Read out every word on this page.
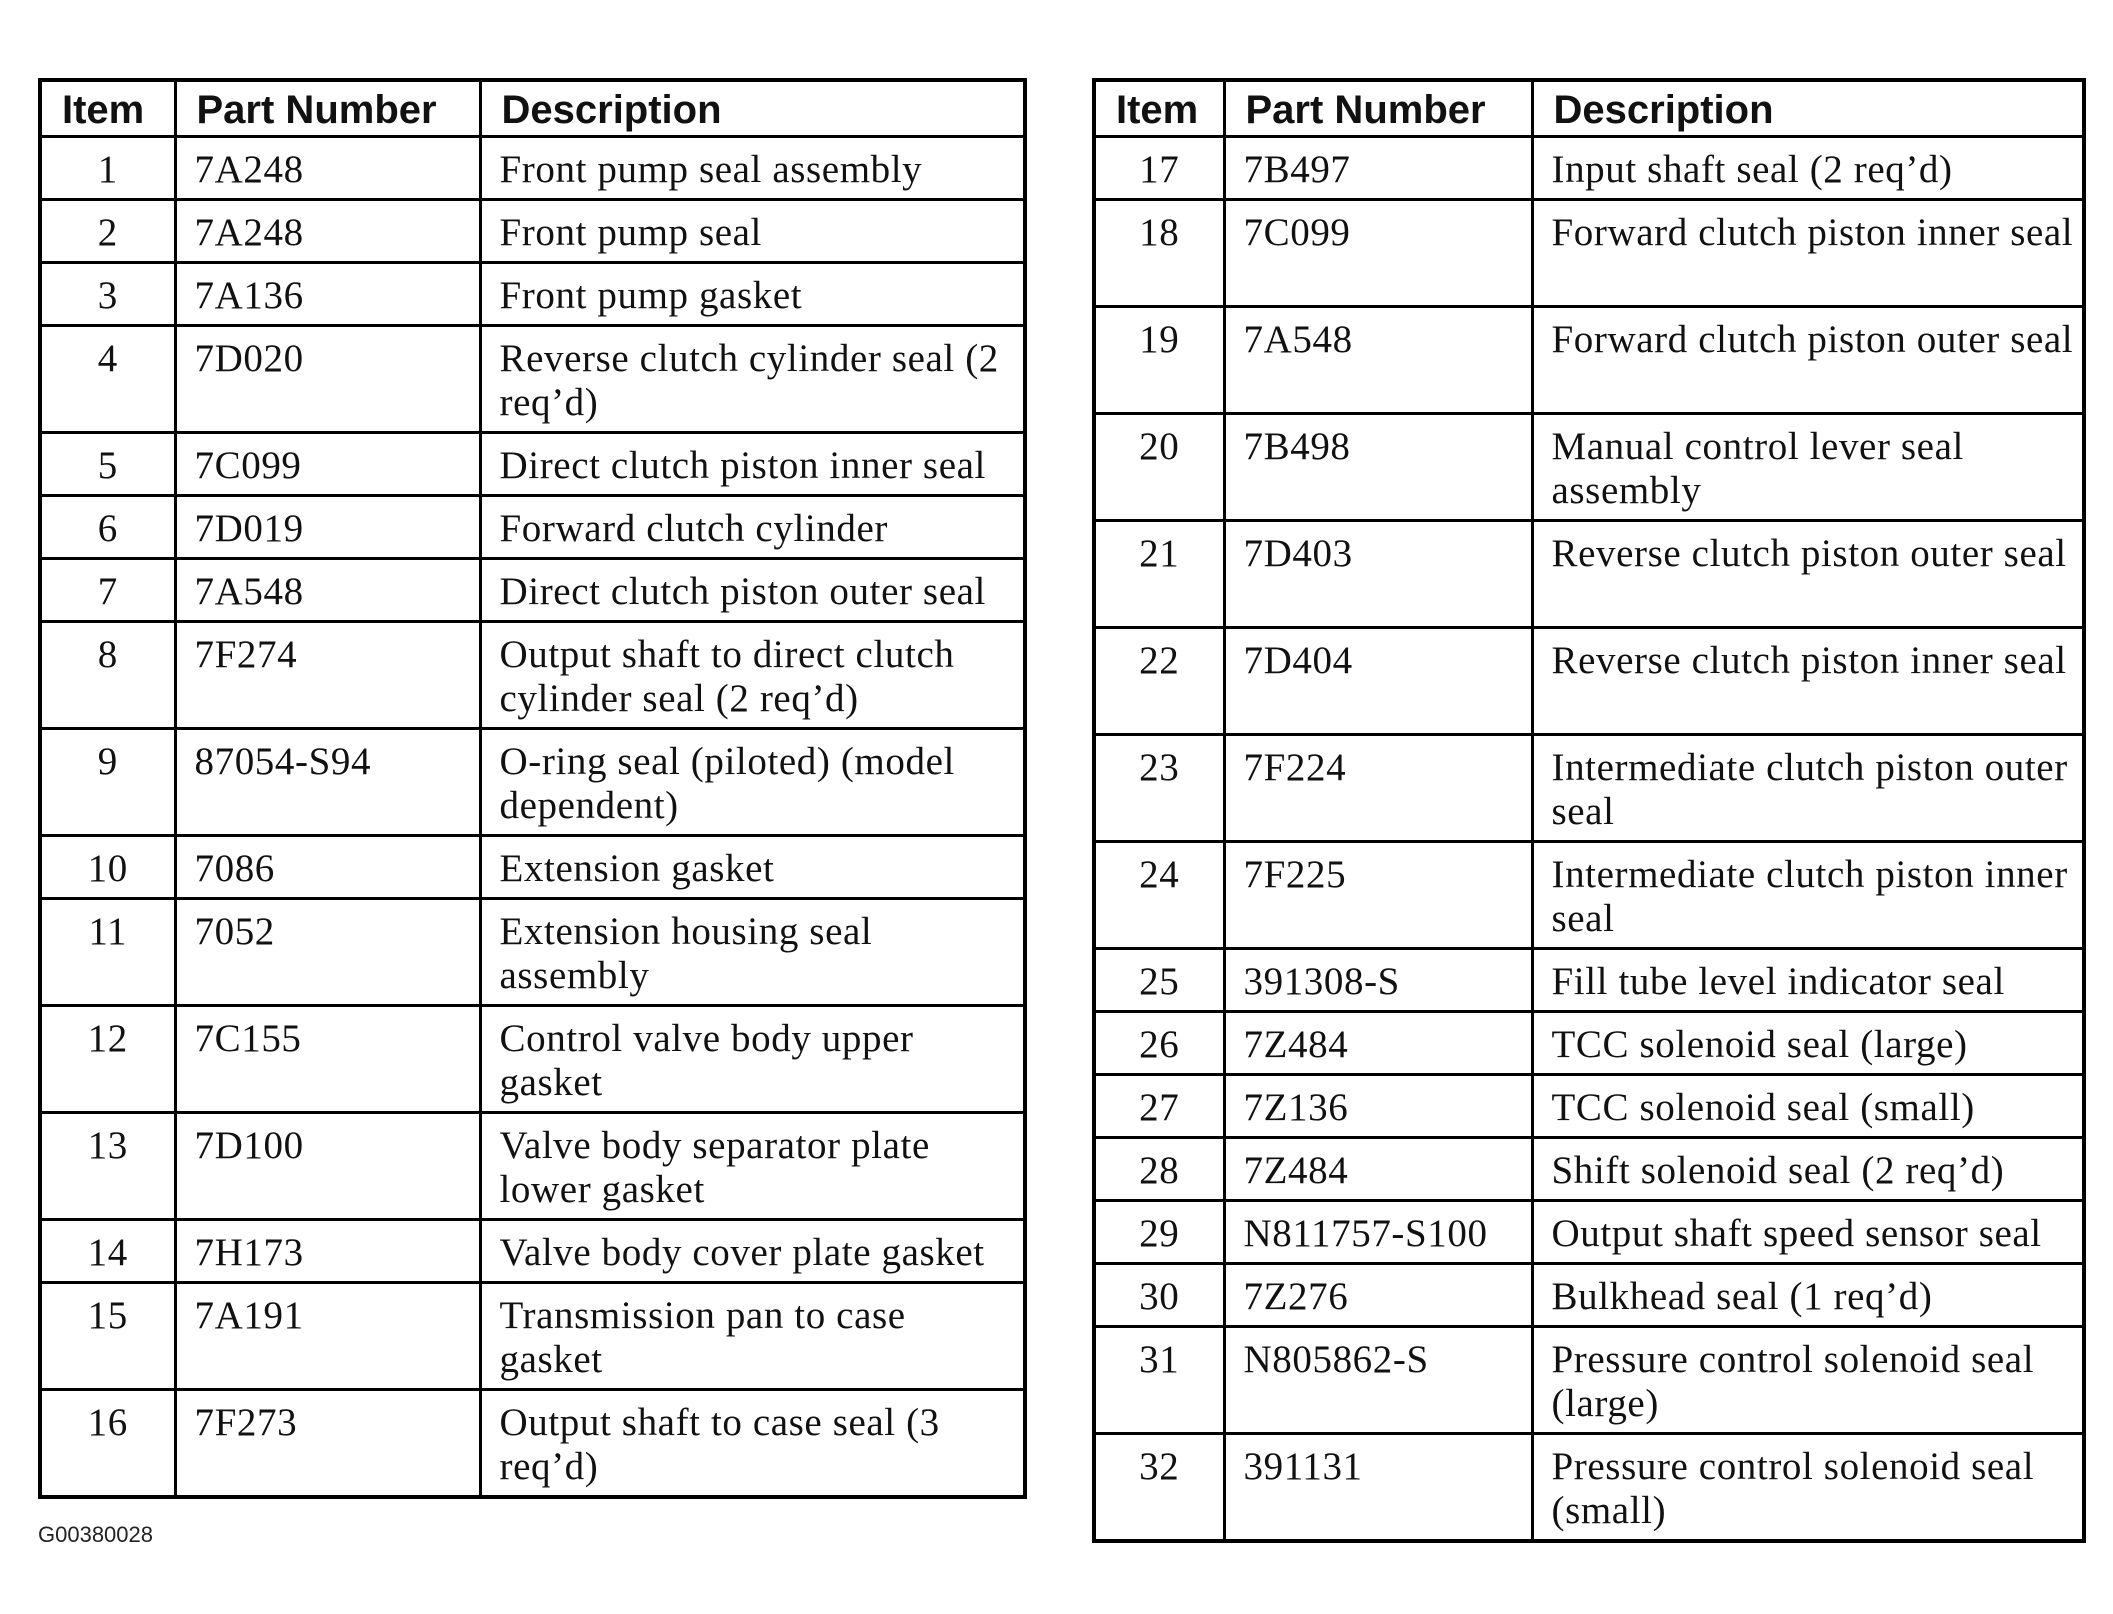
Item	Part Number	Description
1	7A248	Front pump seal assembly
2	7A248	Front pump seal
3	7A136	Front pump gasket
4	7D020	Reverse clutch cylinder seal (2 req’d)
5	7C099	Direct clutch piston inner seal
6	7D019	Forward clutch cylinder
7	7A548	Direct clutch piston outer seal
8	7F274	Output shaft to direct clutch cylinder seal (2 req’d)
9	87054-S94	O-ring seal (piloted) (model dependent)
10	7086	Extension gasket
11	7052	Extension housing seal assembly
12	7C155	Control valve body upper gasket
13	7D100	Valve body separator plate lower gasket
14	7H173	Valve body cover plate gasket
15	7A191	Transmission pan to case gasket
16	7F273	Output shaft to case seal (3 req’d)
Item	Part Number	Description
17	7B497	Input shaft seal (2 req’d)
18	7C099	Forward clutch piston inner seal
19	7A548	Forward clutch piston outer seal
20	7B498	Manual control lever seal assembly
21	7D403	Reverse clutch piston outer seal
22	7D404	Reverse clutch piston inner seal
23	7F224	Intermediate clutch piston outer seal
24	7F225	Intermediate clutch piston inner seal
25	391308-S	Fill tube level indicator seal
26	7Z484	TCC solenoid seal (large)
27	7Z136	TCC solenoid seal (small)
28	7Z484	Shift solenoid seal (2 req’d)
29	N811757-S100	Output shaft speed sensor seal
30	7Z276	Bulkhead seal (1 req’d)
31	N805862-S	Pressure control solenoid seal (large)
32	391131	Pressure control solenoid seal (small)
G00380028
